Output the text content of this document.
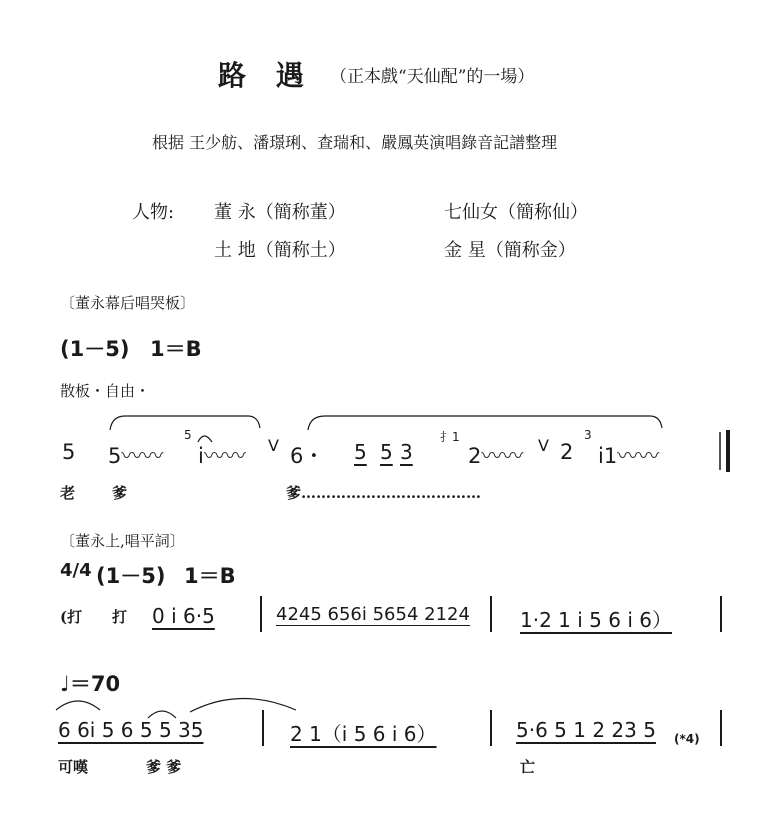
路 遇 （正本戲“天仙配”的一場）
根据 王少舫、潘璟琍、查瑞和、嚴鳳英演唱錄音記譜整理
人物: 董 永（簡称董）	七仙女（簡称仙）
土 地（簡称土）	金 星（簡称金）
〔董永幕后唱哭板〕
(1－5) 1＝B
散板・自由・
5 5〰〰
5
i〰〰 V 6・ 5 5 3
扌1
2〰〰 V 2
3
i1〰〰
老 爹	爹………………………………
〔董永上,唱平詞〕
4/4 (1－5) 1＝B
(打 打 0 i 6·5	4245 656i 5654 2124	1·2 1 i 5 6 i 6）
♩＝70
6 6i 5 6 5 5 35	2 1（i 5 6 i 6）	5·6 5 1 2 23 5 (*4)
可嘆	爹 爹	亡
